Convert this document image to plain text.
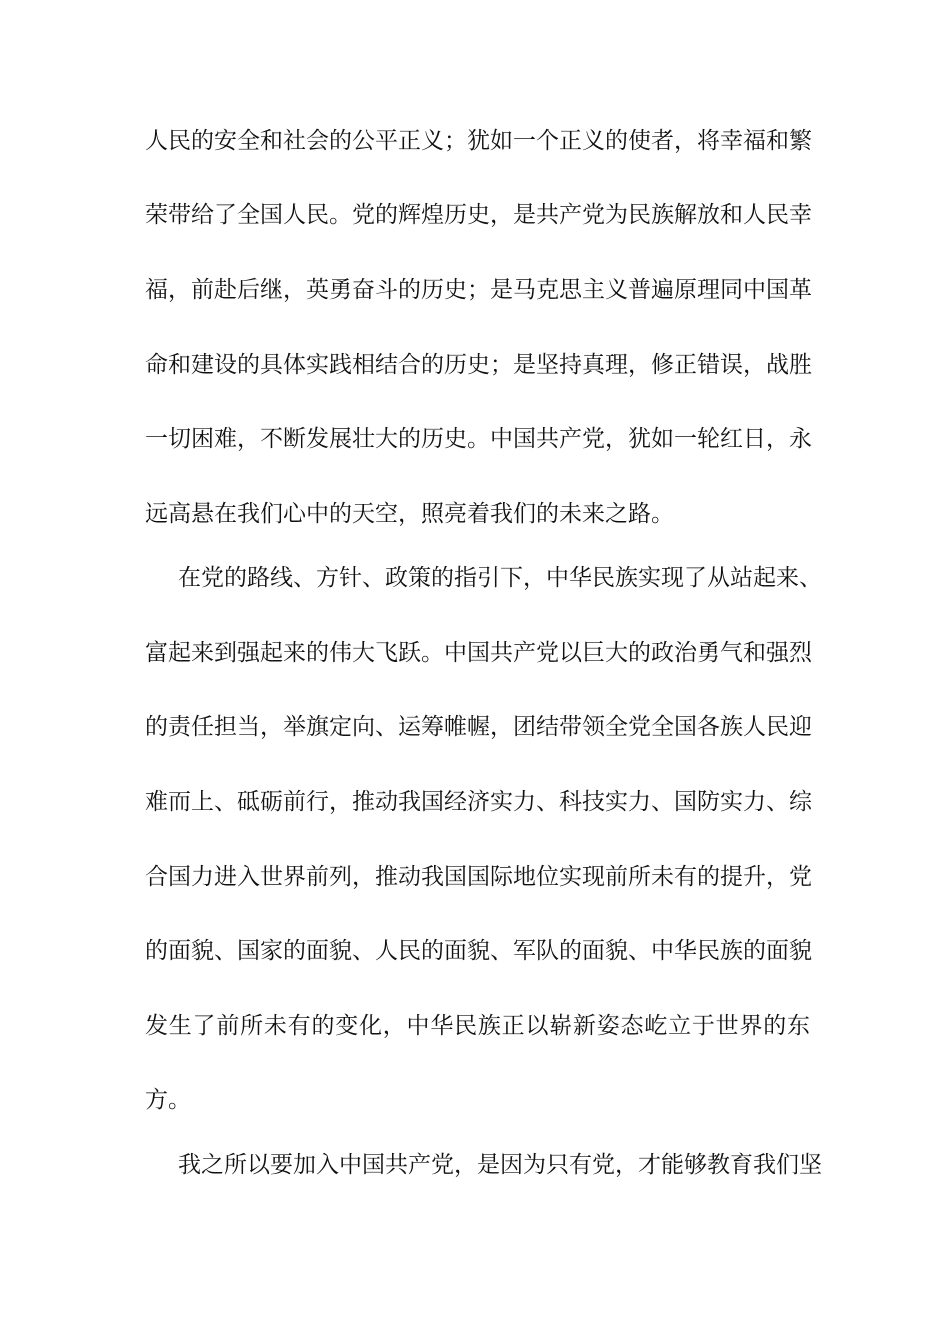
人民的安全和社会的公平正义；犹如一个正义的使者，将幸福和繁
荣带给了全国人民。党的辉煌历史，是共产党为民族解放和人民幸
福，前赴后继，英勇奋斗的历史；是马克思主义普遍原理同中国革
命和建设的具体实践相结合的历史；是坚持真理，修正错误，战胜
一切困难，不断发展壮大的历史。中国共产党，犹如一轮红日，永
远高悬在我们心中的天空，照亮着我们的未来之路。
在党的路线、方针、政策的指引下，中华民族实现了从站起来、
富起来到强起来的伟大飞跃。中国共产党以巨大的政治勇气和强烈
的责任担当，举旗定向、运筹帷幄，团结带领全党全国各族人民迎
难而上、砥砺前行，推动我国经济实力、科技实力、国防实力、综
合国力进入世界前列，推动我国国际地位实现前所未有的提升，党
的面貌、国家的面貌、人民的面貌、军队的面貌、中华民族的面貌
发生了前所未有的变化，中华民族正以崭新姿态屹立于世界的东
方。
我之所以要加入中国共产党，是因为只有党，才能够教育我们坚
